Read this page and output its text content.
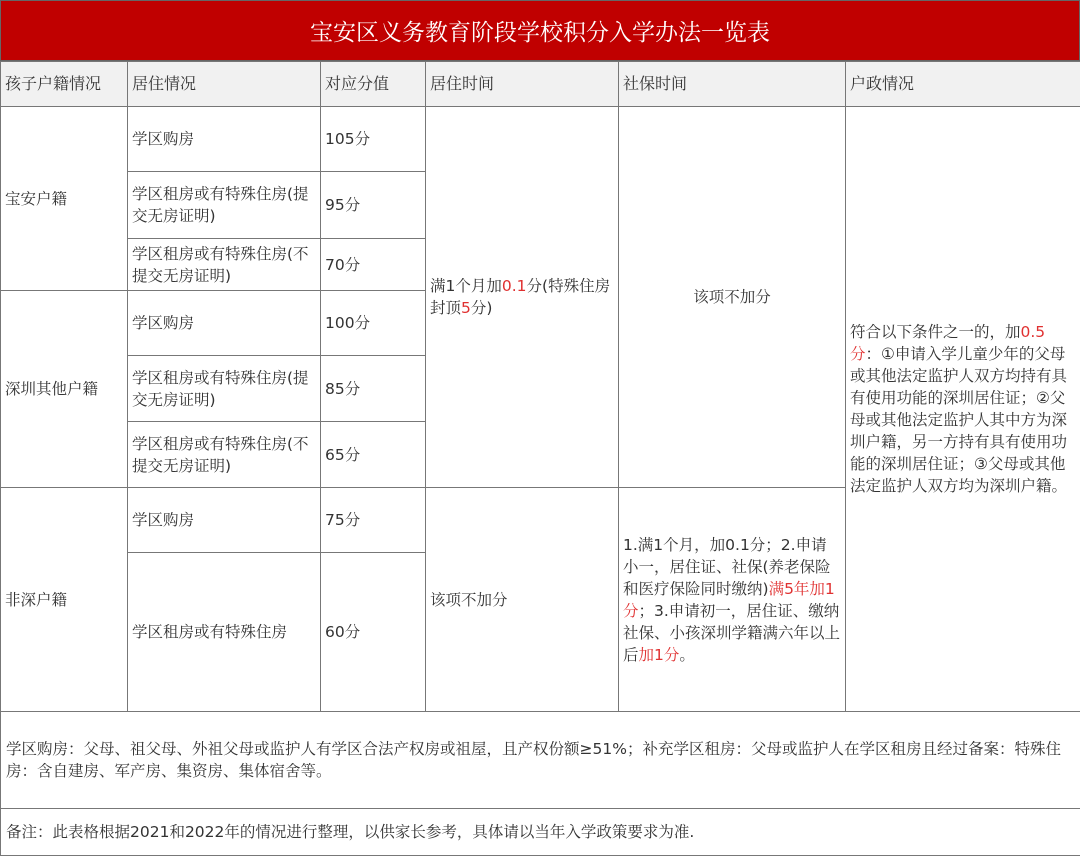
宝安区义务教育阶段学校积分入学办法一览表
孩子户籍情况	居住情况	对应分值	居住时间	社保时间	户政情况
宝安户籍	学区购房	105分	满1个月加0.1分(特殊住房封顶5分)	该项不加分	符合以下条件之一的，加0.5分：①申请入学儿童少年的父母或其他法定监护人双方均持有具有使用功能的深圳居住证；②父母或其他法定监护人其中方为深圳户籍，另一方持有具有使用功能的深圳居住证；③父母或其他法定监护人双方均为深圳户籍。
	学区租房或有特殊住房(提交无房证明)	95分			
	学区租房或有特殊住房(不提交无房证明)	70分			
深圳其他户籍	学区购房	100分			
	学区租房或有特殊住房(提交无房证明)	85分			
	学区租房或有特殊住房(不提交无房证明)	65分			
非深户籍	学区购房	75分	该项不加分	1.满1个月，加0.1分；2.申请小一，居住证、社保(养老保险和医疗保险同时缴纳)满5年加1分；3.申请初一，居住证、缴纳社保、小孩深圳学籍满六年以上后加1分。	
	学区租房或有特殊住房	60分			
学区购房：父母、祖父母、外祖父母或监护人有学区合法产权房或祖屋，且产权份额≥51%；补充学区租房：父母或监护人在学区租房且经过备案：特殊住房：含自建房、军产房、集资房、集体宿舍等。					
备注：此表格根据2021和2022年的情况进行整理，以供家长参考，具体请以当年入学政策要求为准.					
